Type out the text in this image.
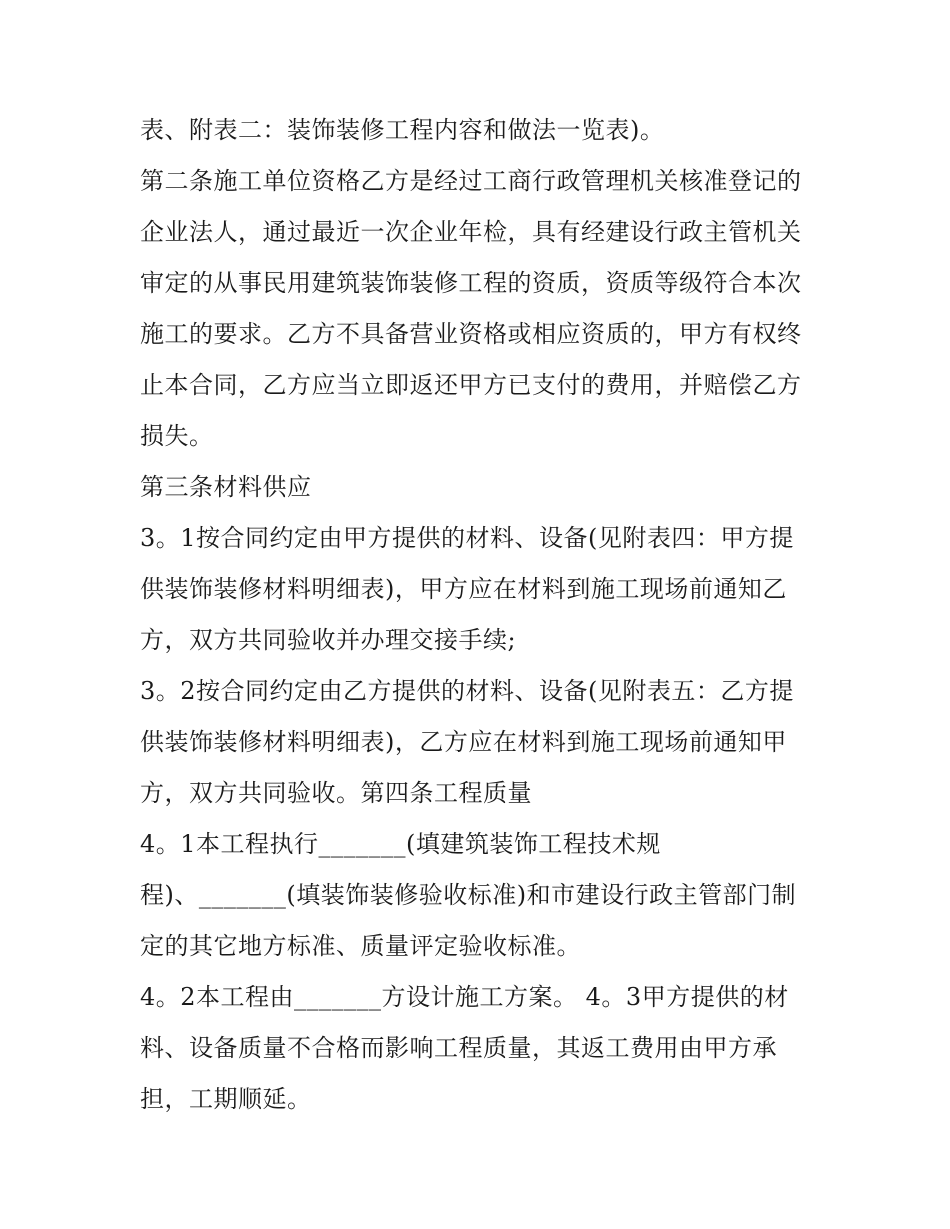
表、附表二：装饰装修工程内容和做法一览表)。
第二条施工单位资格乙方是经过工商行政管理机关核准登记的
企业法人，通过最近一次企业年检，具有经建设行政主管机关
审定的从事民用建筑装饰装修工程的资质，资质等级符合本次
施工的要求。乙方不具备营业资格或相应资质的，甲方有权终
止本合同，乙方应当立即返还甲方已支付的费用，并赔偿乙方
损失。
第三条材料供应
3。1按合同约定由甲方提供的材料、设备(见附表四：甲方提
供装饰装修材料明细表)，甲方应在材料到施工现场前通知乙
方，双方共同验收并办理交接手续;
3。2按合同约定由乙方提供的材料、设备(见附表五：乙方提
供装饰装修材料明细表)，乙方应在材料到施工现场前通知甲
方，双方共同验收。第四条工程质量
4。1本工程执行_______(填建筑装饰工程技术规
程)、_______(填装饰装修验收标准)和市建设行政主管部门制
定的其它地方标准、质量评定验收标准。
4。2本工程由_______方设计施工方案。 4。3甲方提供的材
料、设备质量不合格而影响工程质量，其返工费用由甲方承
担，工期顺延。
